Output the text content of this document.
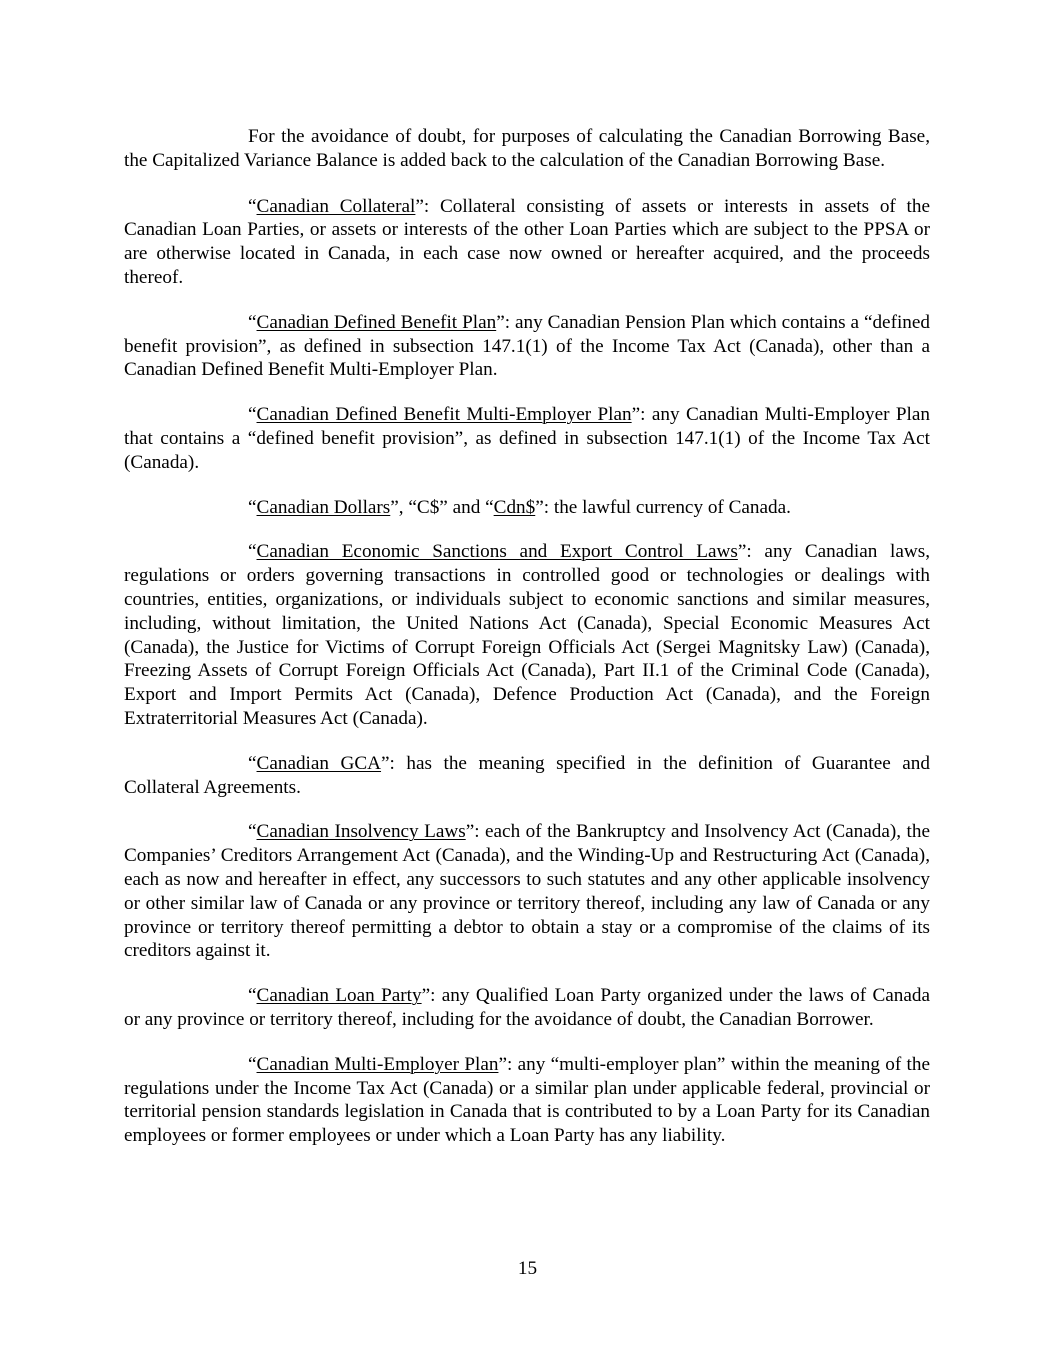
For the avoidance of doubt, for purposes of calculating the Canadian Borrowing Base, the Capitalized Variance Balance is added back to the calculation of the Canadian Borrowing Base.

“Canadian Collateral”: Collateral consisting of assets or interests in assets of the Canadian Loan Parties, or assets or interests of the other Loan Parties which are subject to the PPSA or are otherwise located in Canada, in each case now owned or hereafter acquired, and the proceeds thereof.

“Canadian Defined Benefit Plan”: any Canadian Pension Plan which contains a “defined benefit provision”, as defined in subsection 147.1(1) of the Income Tax Act (Canada), other than a Canadian Defined Benefit Multi-Employer Plan.

“Canadian Defined Benefit Multi-Employer Plan”: any Canadian Multi-Employer Plan that contains a “defined benefit provision”, as defined in subsection 147.1(1) of the Income Tax Act (Canada).

“Canadian Dollars”, “C$” and “Cdn$”: the lawful currency of Canada.

“Canadian Economic Sanctions and Export Control Laws”: any Canadian laws, regulations or orders governing transactions in controlled good or technologies or dealings with countries, entities, organizations, or individuals subject to economic sanctions and similar measures, including, without limitation, the United Nations Act (Canada), Special Economic Measures Act (Canada), the Justice for Victims of Corrupt Foreign Officials Act (Sergei Magnitsky Law) (Canada), Freezing Assets of Corrupt Foreign Officials Act (Canada), Part II.1 of the Criminal Code (Canada), Export and Import Permits Act (Canada), Defence Production Act (Canada), and the Foreign Extraterritorial Measures Act (Canada).

“Canadian GCA”: has the meaning specified in the definition of Guarantee and Collateral Agreements.

“Canadian Insolvency Laws”: each of the Bankruptcy and Insolvency Act (Canada), the Companies’ Creditors Arrangement Act (Canada), and the Winding-Up and Restructuring Act (Canada), each as now and hereafter in effect, any successors to such statutes and any other applicable insolvency or other similar law of Canada or any province or territory thereof, including any law of Canada or any province or territory thereof permitting a debtor to obtain a stay or a compromise of the claims of its creditors against it.

“Canadian Loan Party”: any Qualified Loan Party organized under the laws of Canada or any province or territory thereof, including for the avoidance of doubt, the Canadian Borrower.

“Canadian Multi-Employer Plan”: any “multi-employer plan” within the meaning of the regulations under the Income Tax Act (Canada) or a similar plan under applicable federal, provincial or territorial pension standards legislation in Canada that is contributed to by a Loan Party for its Canadian employees or former employees or under which a Loan Party has any liability.

15
